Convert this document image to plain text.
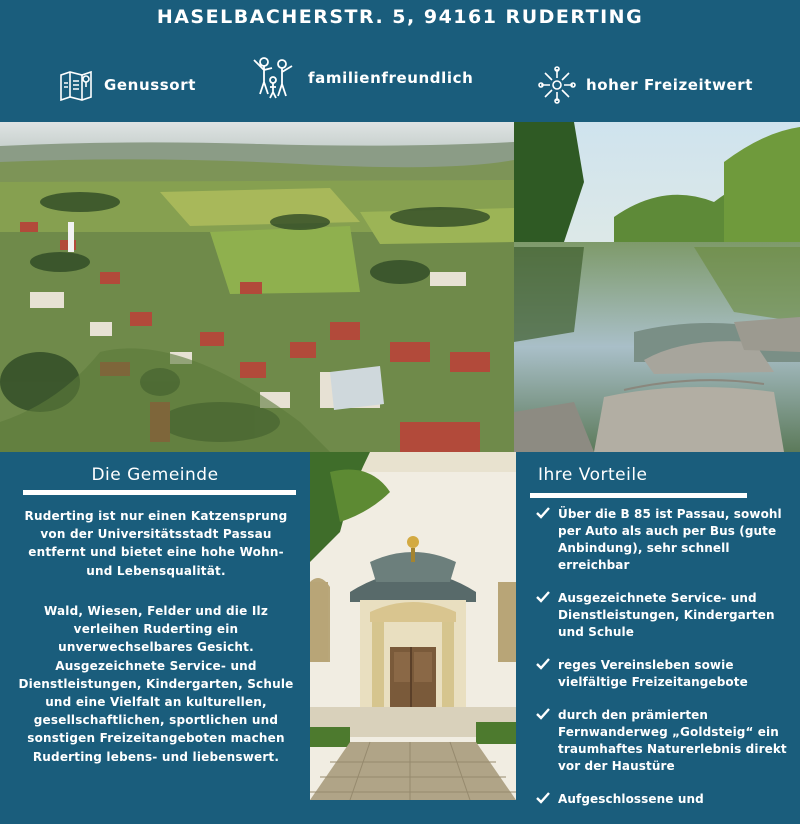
HASELBACHERSTR. 5, 94161 RUDERTING
Genussort	familienfreundlich	hoher Freizeitwert
Die Gemeinde

Ruderting ist nur einen Katzensprung von der Universitätsstadt Passau entfernt und bietet eine hohe Wohn- und Lebensqualität.

Wald, Wiesen, Felder und die Ilz verleihen Ruderting ein unverwechselbares Gesicht. Ausgezeichnete Service- und Dienstleistungen, Kindergarten, Schule und eine Vielfalt an kulturellen, gesellschaftlichen, sportlichen und sonstigen Freizeitangeboten machen Ruderting lebens- und liebenswert.

Ihre Vorteile
Über die B 85 ist Passau, sowohl per Auto als auch per Bus (gute Anbindung), sehr schnell erreichbar
Ausgezeichnete Service- und Dienstleistungen, Kindergarten und Schule
reges Vereinsleben sowie vielfältige Freizeitangebote
durch den prämierten Fernwanderweg „Goldsteig“ ein traumhaftes Naturerlebnis direkt vor der Haustüre
Aufgeschlossene und
